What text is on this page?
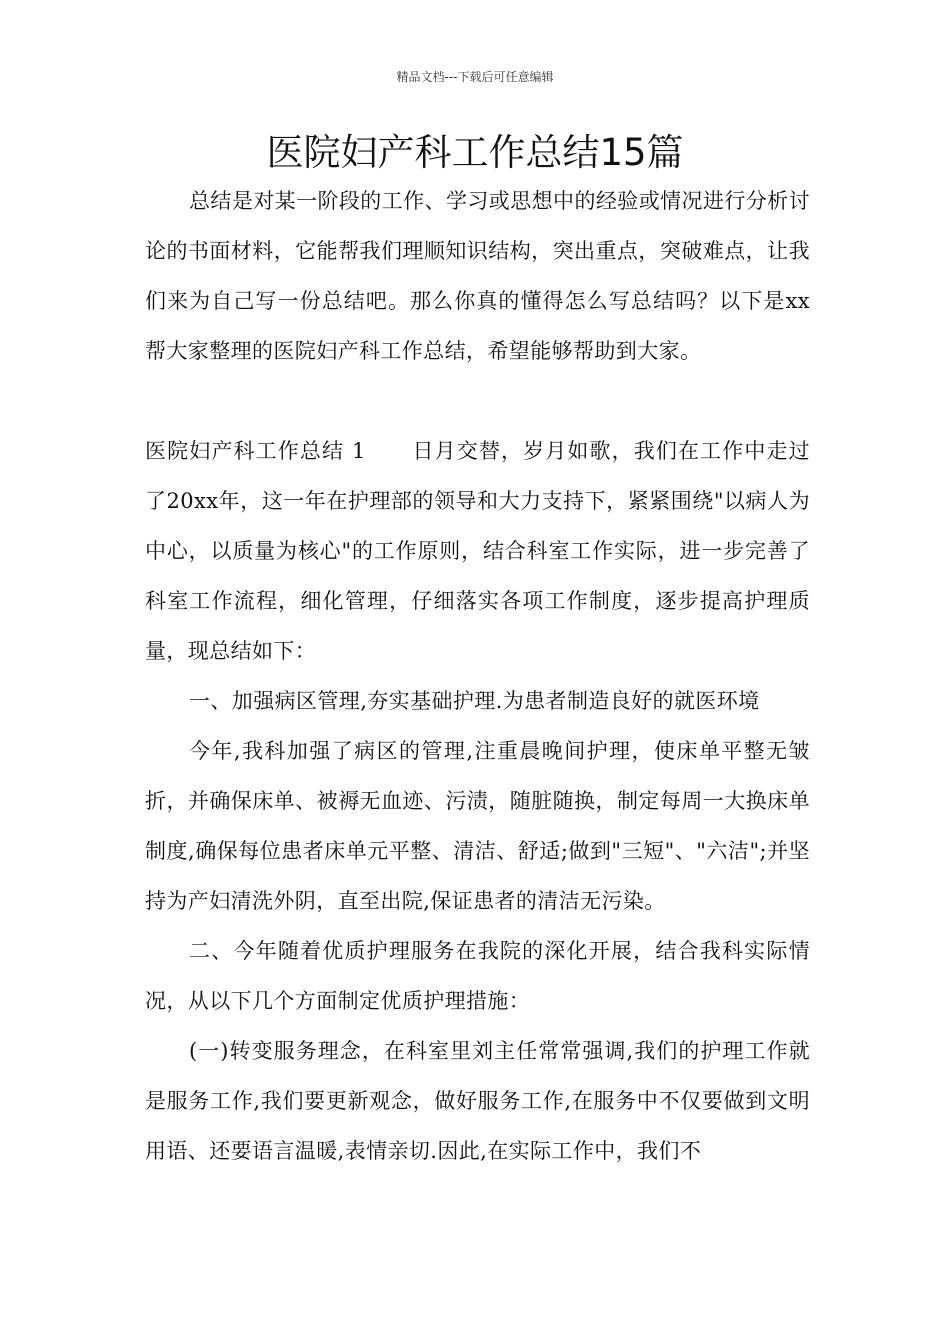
精品文档---下载后可任意编辑
医院妇产科工作总结15篇

总结是对某一阶段的工作、学习或思想中的经验或情况进行分析讨论的书面材料，它能帮我们理顺知识结构，突出重点，突破难点，让我们来为自己写一份总结吧。那么你真的懂得怎么写总结吗？以下是xx帮大家整理的医院妇产科工作总结，希望能够帮助到大家。

医院妇产科工作总结 1 日月交替，岁月如歌，我们在工作中走过了20xx年，这一年在护理部的领导和大力支持下，紧紧围绕"以病人为中心，以质量为核心"的工作原则，结合科室工作实际，进一步完善了科室工作流程，细化管理，仔细落实各项工作制度，逐步提高护理质量，现总结如下：

一、加强病区管理,夯实基础护理.为患者制造良好的就医环境

今年,我科加强了病区的管理,注重晨晚间护理，使床单平整无皱折，并确保床单、被褥无血迹、污渍，随脏随换，制定每周一大换床单制度,确保每位患者床单元平整、清洁、舒适;做到"三短"、"六洁";并坚持为产妇清洗外阴，直至出院,保证患者的清洁无污染。

二、今年随着优质护理服务在我院的深化开展，结合我科实际情况，从以下几个方面制定优质护理措施：

(一)转变服务理念，在科室里刘主任常常强调,我们的护理工作就是服务工作,我们要更新观念，做好服务工作,在服务中不仅要做到文明用语、还要语言温暖,表情亲切.因此,在实际工作中，我们不
